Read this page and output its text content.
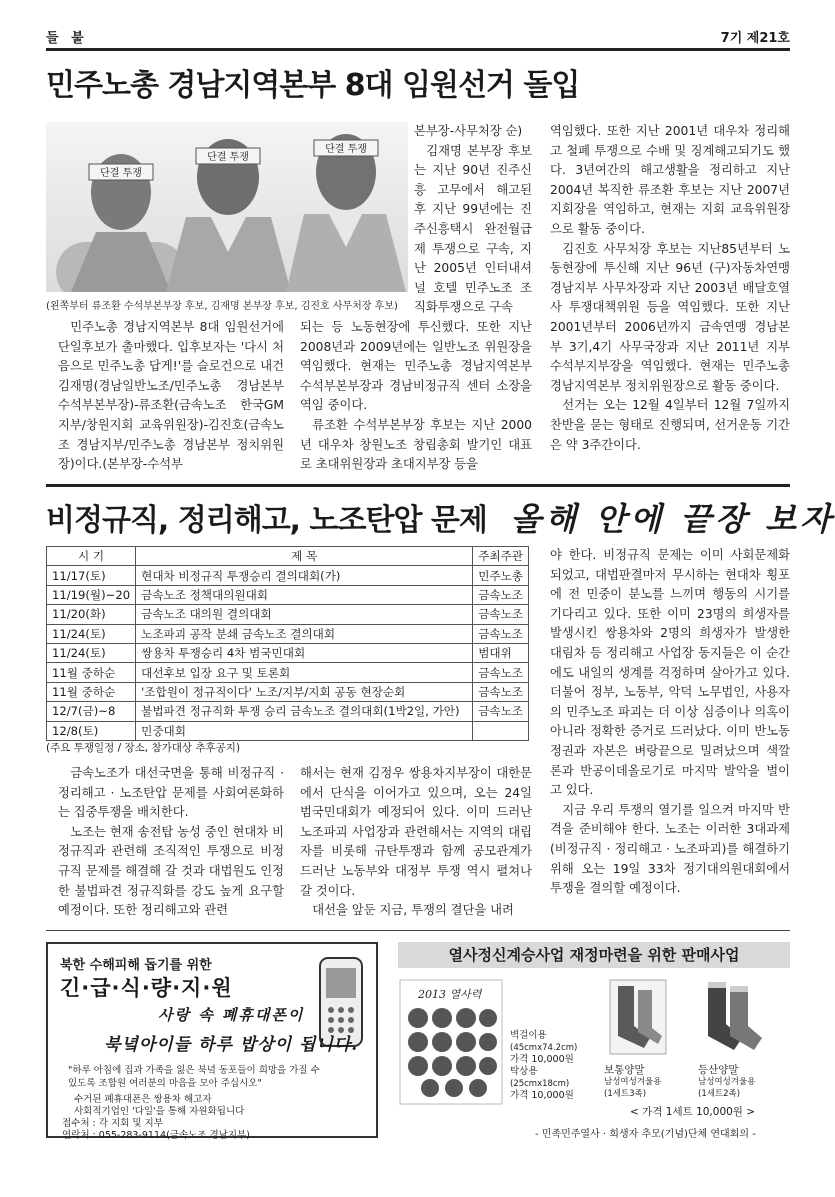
들 불	7기 제21호
민주노총 경남지역본부 8대 임원선거 돌입
단결 투쟁
단결 투쟁
단결 투쟁
(왼쪽부터 류조환 수석부본부장 후보, 김재명 본부장 후보, 김진호 사무처장 후보)

민주노총 경남지역본부 8대 임원선거에 단일후보가 출마했다. 입후보자는 '다시 처음으로 민주노총 답게!'를 슬로건으로 내건 김재명(경남일반노조/민주노총 경남본부 수석부본부장)-류조환(금속노조 한국GM지부/창원지회 교육위원장)-김진호(금속노조 경남지부/민주노총 경남본부 정치위원장)이다.(본부장-수석부

본부장-사무처장 순)

김재명 본부장 후보는 지난 90년 진주신흥 고무에서 해고된 후 지난 99년에는 진주신흥택시 완전월급제 투쟁으로 구속, 지난 2005년 인터내셔널 호텔 민주노조 조직화투쟁으로 구속

되는 등 노동현장에 투신했다. 또한 지난 2008년과 2009년에는 일반노조 위원장을 역임했다. 현재는 민주노총 경남지역본부 수석부본부장과 경남비정규직 센터 소장을 역임 중이다.

류조환 수석부본부장 후보는 지난 2000년 대우차 창원노조 창립총회 발기인 대표로 초대위원장과 초대지부장 등을

역임했다. 또한 지난 2001년 대우차 정리해고 철폐 투쟁으로 수배 및 징계해고되기도 했다. 3년여간의 해고생활을 정리하고 지난 2004년 복직한 류조환 후보는 지난 2007년 지회장을 역임하고, 현재는 지회 교육위원장으로 활동 중이다.

김진호 사무처장 후보는 지난85년부터 노동현장에 투신해 지난 96년 (구)자동차연맹 경남지부 사무차장과 지난 2003년 배달호열사 투쟁대책위원 등을 역임했다. 또한 지난 2001년부터 2006년까지 금속연맹 경남본부 3기,4기 사무국장과 지난 2011년 지부 수석부지부장을 역임했다. 현재는 민주노총 경남지역본부 정치위원장으로 활동 중이다.

선거는 오는 12월 4일부터 12월 7일까지 찬반을 묻는 형태로 진행되며, 선거운동 기간은 약 3주간이다.

비정규직, 정리해고, 노조탄압 문제 올해 안에 끝장 보자
시 기	제 목	주최주관
11/17(토)	현대차 비정규직 투쟁승리 결의대회(가)	민주노총
11/19(월)~20	금속노조 정책대의원대회	금속노조
11/20(화)	금속노조 대의원 결의대회	금속노조
11/24(토)	노조파괴 공작 분쇄 금속노조 결의대회	금속노조
11/24(토)	쌍용차 투쟁승리 4차 범국민대회	범대위
11월 중하순	대선후보 입장 요구 및 토론회	금속노조
11월 중하순	'조합원이 정규직이다' 노조/지부/지회 공동 현장순회	금속노조
12/7(금)~8	불법파견 정규직화 투쟁 승리 금속노조 결의대회(1박2일, 가안)	금속노조
12/8(토)	민중대회	
(주요 투쟁일정 / 장소, 참가대상 추후공지)

금속노조가 대선국면을 통해 비정규직 · 정리해고 · 노조탄압 문제를 사회여론화하는 집중투쟁을 배치한다.

노조는 현재 송전탑 농성 중인 현대차 비정규직과 관련해 조직적인 투쟁으로 비정규직 문제를 해결해 갈 것과 대법원도 인정한 불법파견 정규직화를 강도 높게 요구할 예정이다. 또한 정리해고와 관련

해서는 현재 김정우 쌍용차지부장이 대한문에서 단식을 이어가고 있으며, 오는 24일 범국민대회가 예정되어 있다. 이미 드러난 노조파괴 사업장과 관련해서는 지역의 대립자를 비롯해 규탄투쟁과 함께 공모관계가 드러난 노동부와 대정부 투쟁 역시 펼쳐나갈 것이다.

대선을 앞둔 지금, 투쟁의 결단을 내려

야 한다. 비정규직 문제는 이미 사회문제화 되었고, 대법판결마저 무시하는 현대차 횡포에 전 민중이 분노를 느끼며 행동의 시기를 기다리고 있다. 또한 이미 23명의 희생자를 발생시킨 쌍용차와 2명의 희생자가 발생한 대림차 등 정리해고 사업장 동지들은 이 순간에도 내일의 생계를 걱정하며 살아가고 있다. 더불어 정부, 노동부, 악덕 노무법인, 사용자의 민주노조 파괴는 더 이상 심증이나 의혹이 아니라 정확한 증거로 드러났다. 이미 반노동 정권과 자본은 벼랑끝으로 밀려났으며 색깔론과 반공이데올로기로 마지막 발악을 벌이고 있다.

지금 우리 투쟁의 열기를 일으켜 마지막 반격을 준비해야 한다. 노조는 이러한 3대과제(비정규직 · 정리해고 · 노조파괴)를 해결하기 위해 오는 19일 33차 정기대의원대회에서 투쟁을 결의할 예정이다.

북한 수해피해 돕기를 위한
긴·급·식·량·지·원
사랑 속 폐휴대폰이
북녘아이들 하루 밥상이 됩니다.
"하루 아침에 집과 가족을 잃은 북녘 동포들이 희망을 가질 수 있도록 조합원 여러분의 마음을 모아 주십시오"
수거된 폐휴대폰은 쌍용차 해고자
사회적기업인 '다일'을 통해 자원화됩니다
접수처 : 각 지회 및 지부
연락처 : 055-283-9114(금속노조 경남지부)
열사정신계승사업 재정마련을 위한 판매사업
2013 열사력
벽걸이용
(45cmx74.2cm)
가격 10,000원
탁상용
(25cmx18cm)
가격 10,000원
보통양말
남성여성겨울용
(1세트3족)
등산양말
남성여성겨울용
(1세트2족)
< 가격 1세트 10,000원 >
- 민족민주열사 · 희생자 추모(기념)단체 연대회의 -
